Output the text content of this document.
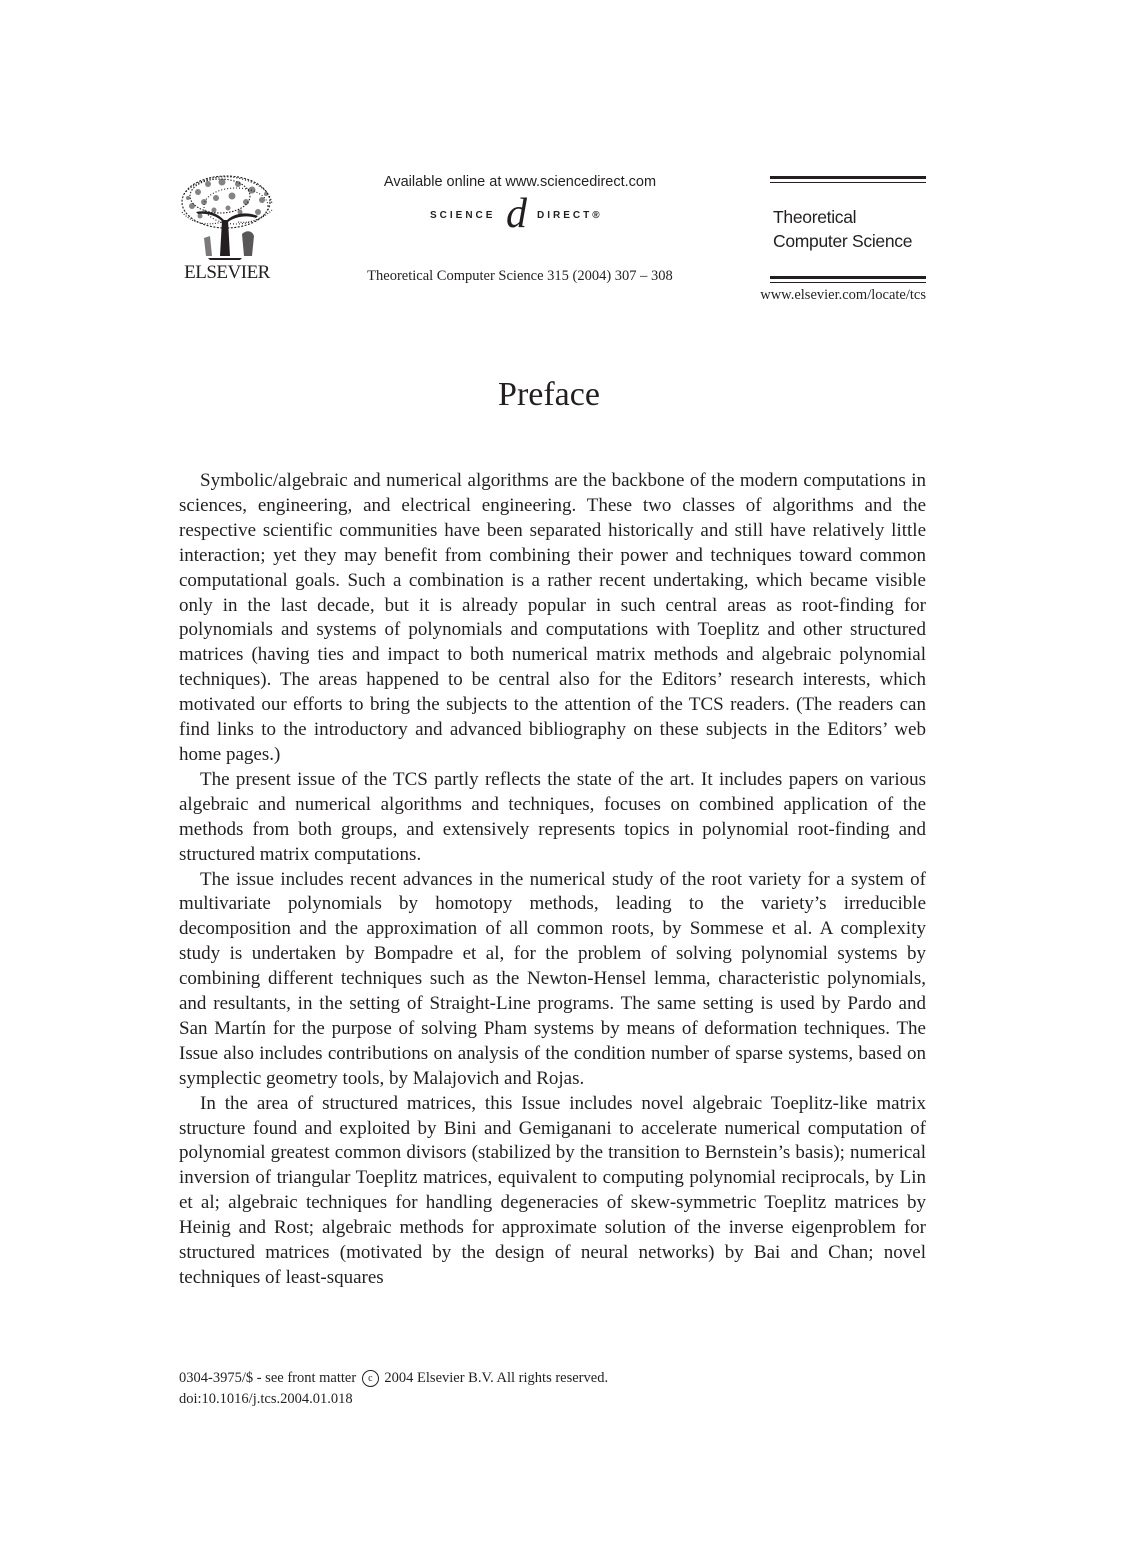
ELSEVIER
Available online at www.sciencedirect.com
SCIENCE d DIRECT®
Theoretical Computer Science 315 (2004) 307 – 308
Theoretical
Computer Science
www.elsevier.com/locate/tcs
Preface

Symbolic/algebraic and numerical algorithms are the backbone of the modern computations in sciences, engineering, and electrical engineering. These two classes of algorithms and the respective scientific communities have been separated historically and still have relatively little interaction; yet they may benefit from combining their power and techniques toward common computational goals. Such a combination is a rather recent undertaking, which became visible only in the last decade, but it is already popular in such central areas as root-finding for polynomials and systems of polynomials and computations with Toeplitz and other structured matrices (having ties and impact to both numerical matrix methods and algebraic polynomial techniques). The areas happened to be central also for the Editors’ research interests, which motivated our efforts to bring the subjects to the attention of the TCS readers. (The readers can find links to the introductory and advanced bibliography on these subjects in the Editors’ web home pages.)

The present issue of the TCS partly reflects the state of the art. It includes papers on various algebraic and numerical algorithms and techniques, focuses on combined application of the methods from both groups, and extensively represents topics in polynomial root-finding and structured matrix computations.

The issue includes recent advances in the numerical study of the root variety for a system of multivariate polynomials by homotopy methods, leading to the variety’s irreducible decomposition and the approximation of all common roots, by Sommese et al. A complexity study is undertaken by Bompadre et al, for the problem of solving polynomial systems by combining different techniques such as the Newton-Hensel lemma, characteristic polynomials, and resultants, in the setting of Straight-Line programs. The same setting is used by Pardo and San Martín for the purpose of solving Pham systems by means of deformation techniques. The Issue also includes contributions on analysis of the condition number of sparse systems, based on symplectic geometry tools, by Malajovich and Rojas.

In the area of structured matrices, this Issue includes novel algebraic Toeplitz-like matrix structure found and exploited by Bini and Gemiganani to accelerate numerical computation of polynomial greatest common divisors (stabilized by the transition to Bernstein’s basis); numerical inversion of triangular Toeplitz matrices, equivalent to computing polynomial reciprocals, by Lin et al; algebraic techniques for handling degeneracies of skew-symmetric Toeplitz matrices by Heinig and Rost; algebraic methods for approximate solution of the inverse eigenproblem for structured matrices (motivated by the design of neural networks) by Bai and Chan; novel techniques of least-squares

0304-3975/$ - see front matter c 2004 Elsevier B.V. All rights reserved.
doi:10.1016/j.tcs.2004.01.018
